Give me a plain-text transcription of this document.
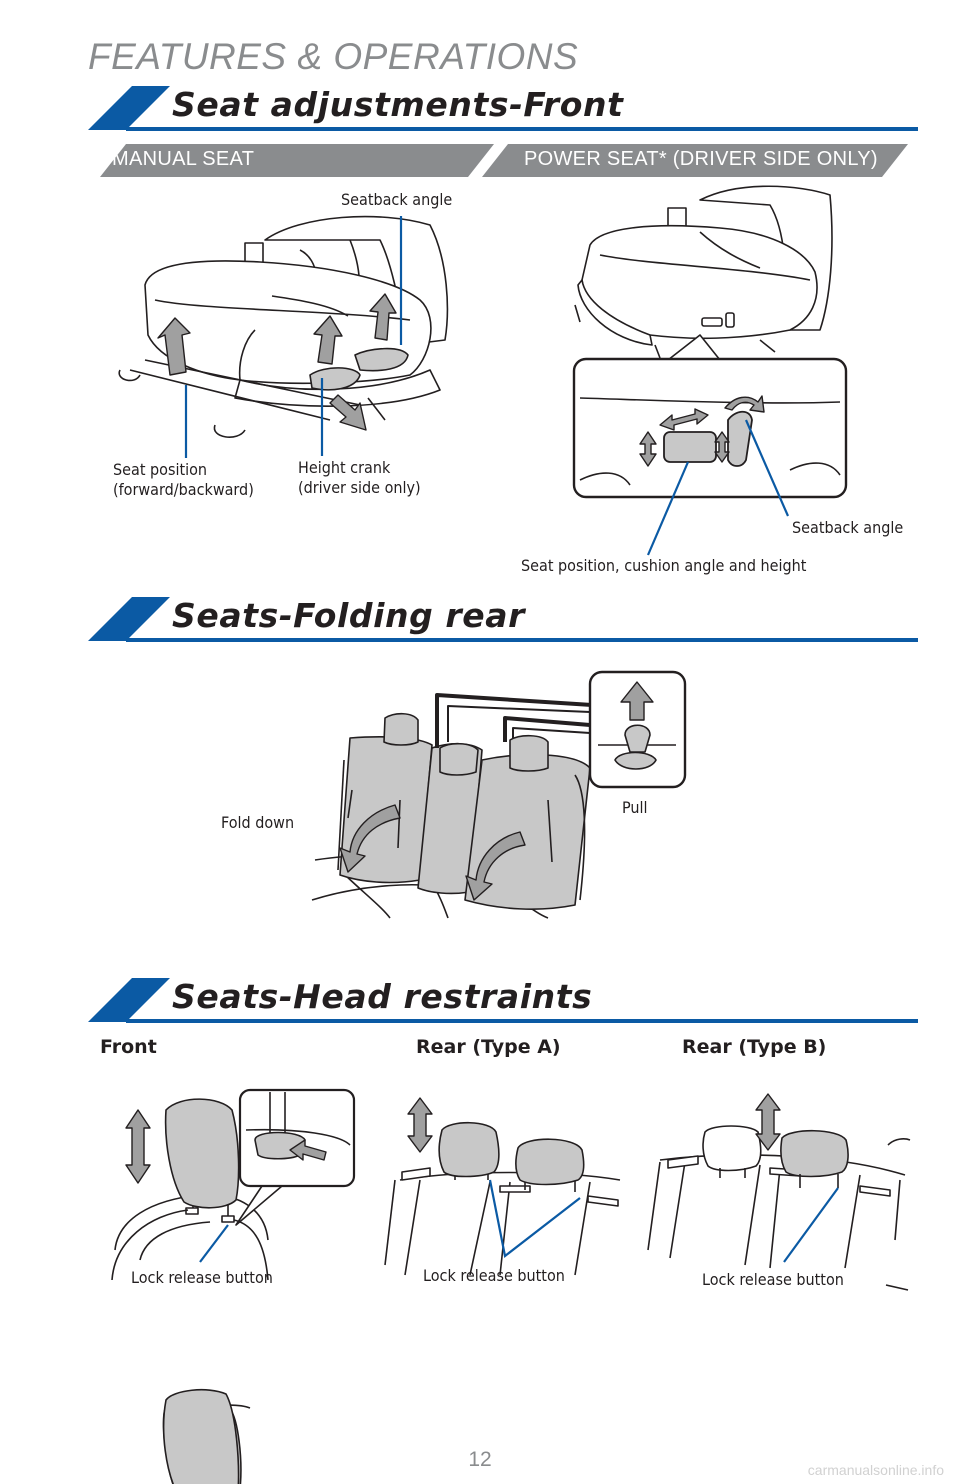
FEATURES & OPERATIONS
Seat adjustments-Front
MANUAL SEAT	POWER SEAT* (DRIVER SIDE ONLY)
Seats-Folding rear
Seats-Head restraints
Seatback angle
Seat position
(forward/backward)
Height crank
(driver side only)
Seatback angle
Seat position, cushion angle and height
Fold down
Pull
Front	Rear (Type A)	Rear (Type B)
Lock release button	Lock release button	Lock release button
12	carmanualsonline.info
